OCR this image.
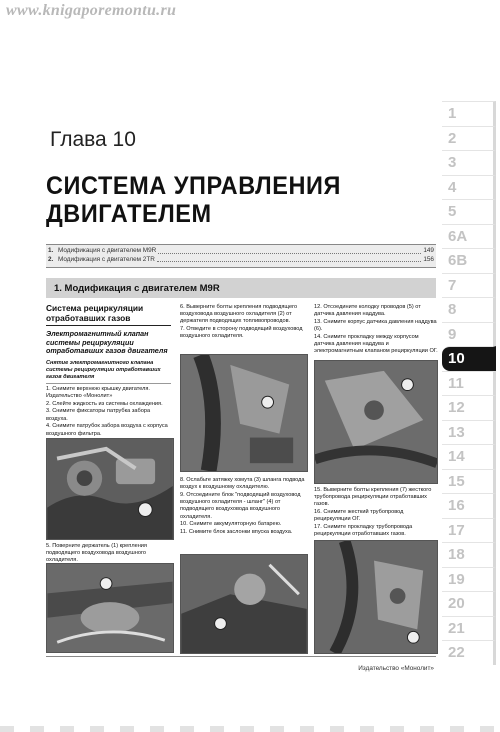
www.knigaporemontu.ru
Глава 10
СИСТЕМА УПРАВЛЕНИЯ
ДВИГАТЕЛЕМ
1. Модификация с двигателем M9R	149
2. Модификация с двигателем 2TR	156
1. Модификация с двигателем M9R
Система рециркуляции отработавших газов
Электромагнитный клапан системы рециркуляции отработавших газов двигателя
Снятие электромагнитного клапана системы рециркуляции отработавших газов двигателя
1. Снимите верхнюю крышку двигателя. Издательство «Монолит»
2. Слейте жидкость из системы охлаждения.
3. Снимите фиксаторы патрубка забора воздуха.
4. Снимите патрубок забора воздуха с корпуса воздушного фильтра.
5. Поверните держатель (1) крепления подводящего воздуховода воздушного охладителя.
6. Выверните болты крепления подводящего воздуховода воздушного охладителя (2) от держателя подводящих топливопроводов.
7. Отведите в сторону подводящий воздуховод воздушного охладителя.
8. Ослабьте затяжку хомута (3) шланга подвода воздух к воздушному охладителю.
9. Отсоедините блок "подводящий воздуховод воздушного охладителя - шланг" (4) от подводящего воздуховода воздушного охладителя.
10. Снимите аккумуляторную батарею.
11. Снимите блок заслонки впуска воздуха.
12. Отсоедините колодку проводов (5) от датчика давления наддува.
13. Снимите корпус датчика давления наддува (6).
14. Снимите прокладку между корпусом датчика давления наддува и электромагнитным клапаном рециркуляции ОГ.
15. Выверните болты крепления (7) жесткого трубопровода рециркуляции отработавших газов.
16. Снимите жесткий трубопровод рециркуляции ОГ.
17. Снимите прокладку трубопровода рециркуляции отработавших газов.
1
2
3
4
5
6A
6B
7
8
9
10
11
12
13
14
15
16
17
18
19
20
21
22
Издательство «Монолит»
